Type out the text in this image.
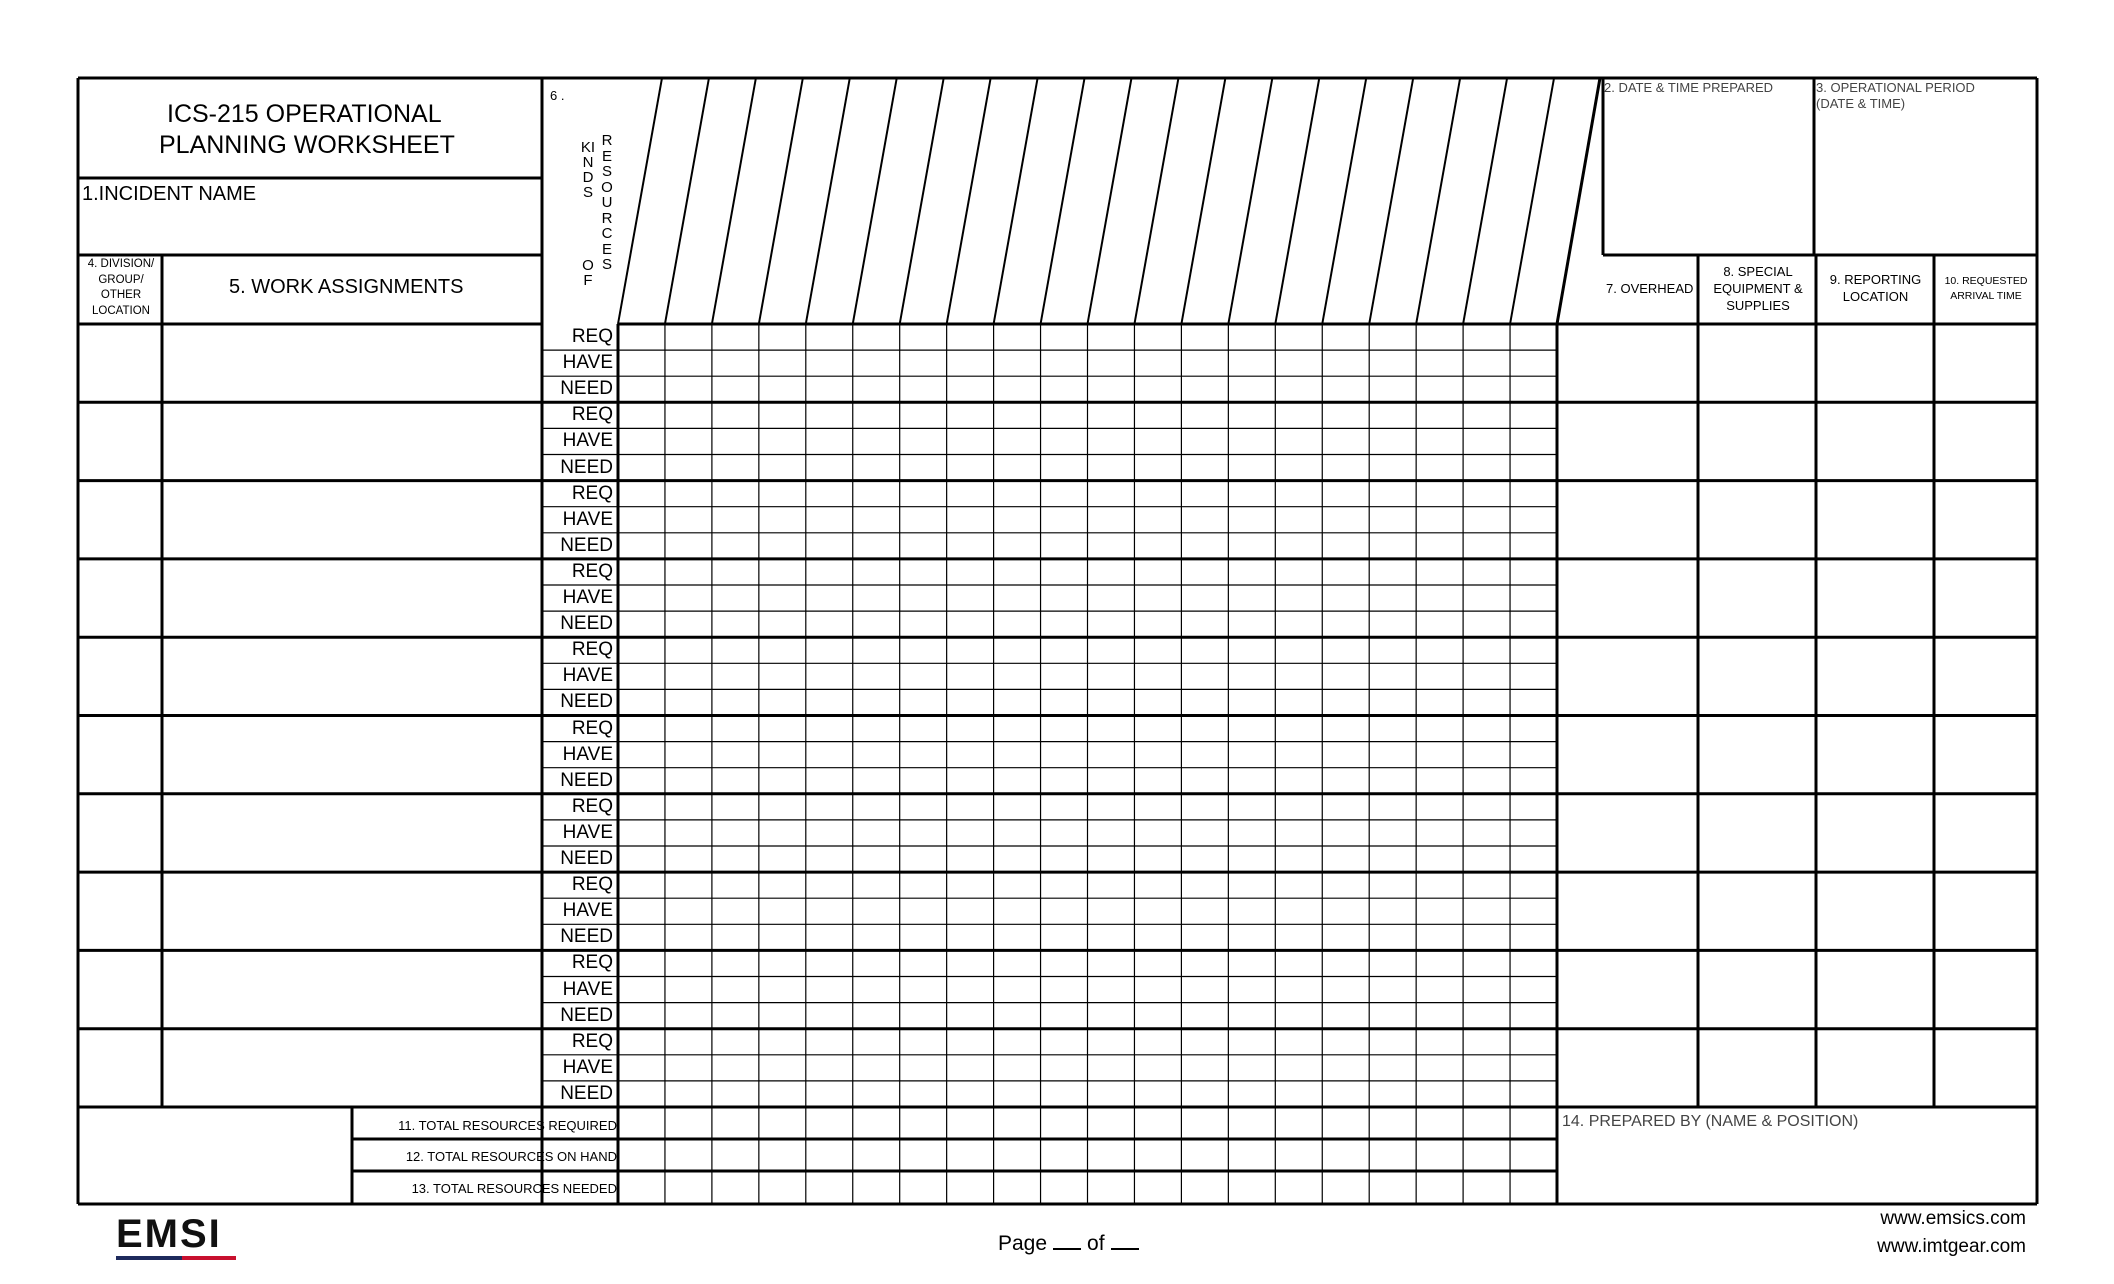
ICS-215 OPERATIONAL
PLANNING WORKSHEET
1.INCIDENT NAME
2. DATE & TIME PREPARED	3. OPERATIONAL PERIOD
(DATE & TIME)
4. DIVISION/
GROUP/
OTHER
LOCATION
5. WORK ASSIGNMENTS
6 .
KINDS
OF
RESOURCES
7. OVERHEAD
8. SPECIAL
EQUIPMENT &
SUPPLIES
9. REPORTING
LOCATION
10. REQUESTED
ARRIVAL TIME
REQ
HAVE
NEED
REQ
HAVE
NEED
REQ
HAVE
NEED
REQ
HAVE
NEED
REQ
HAVE
NEED
REQ
HAVE
NEED
REQ
HAVE
NEED
REQ
HAVE
NEED
REQ
HAVE
NEED
REQ
HAVE
NEED
11. TOTAL RESOURCES REQUIRED
12. TOTAL RESOURCES ON HAND
13. TOTAL RESOURCES NEEDED
14. PREPARED BY (NAME & POSITION)
EMSI	Page of
www.emsics.com
www.imtgear.com
